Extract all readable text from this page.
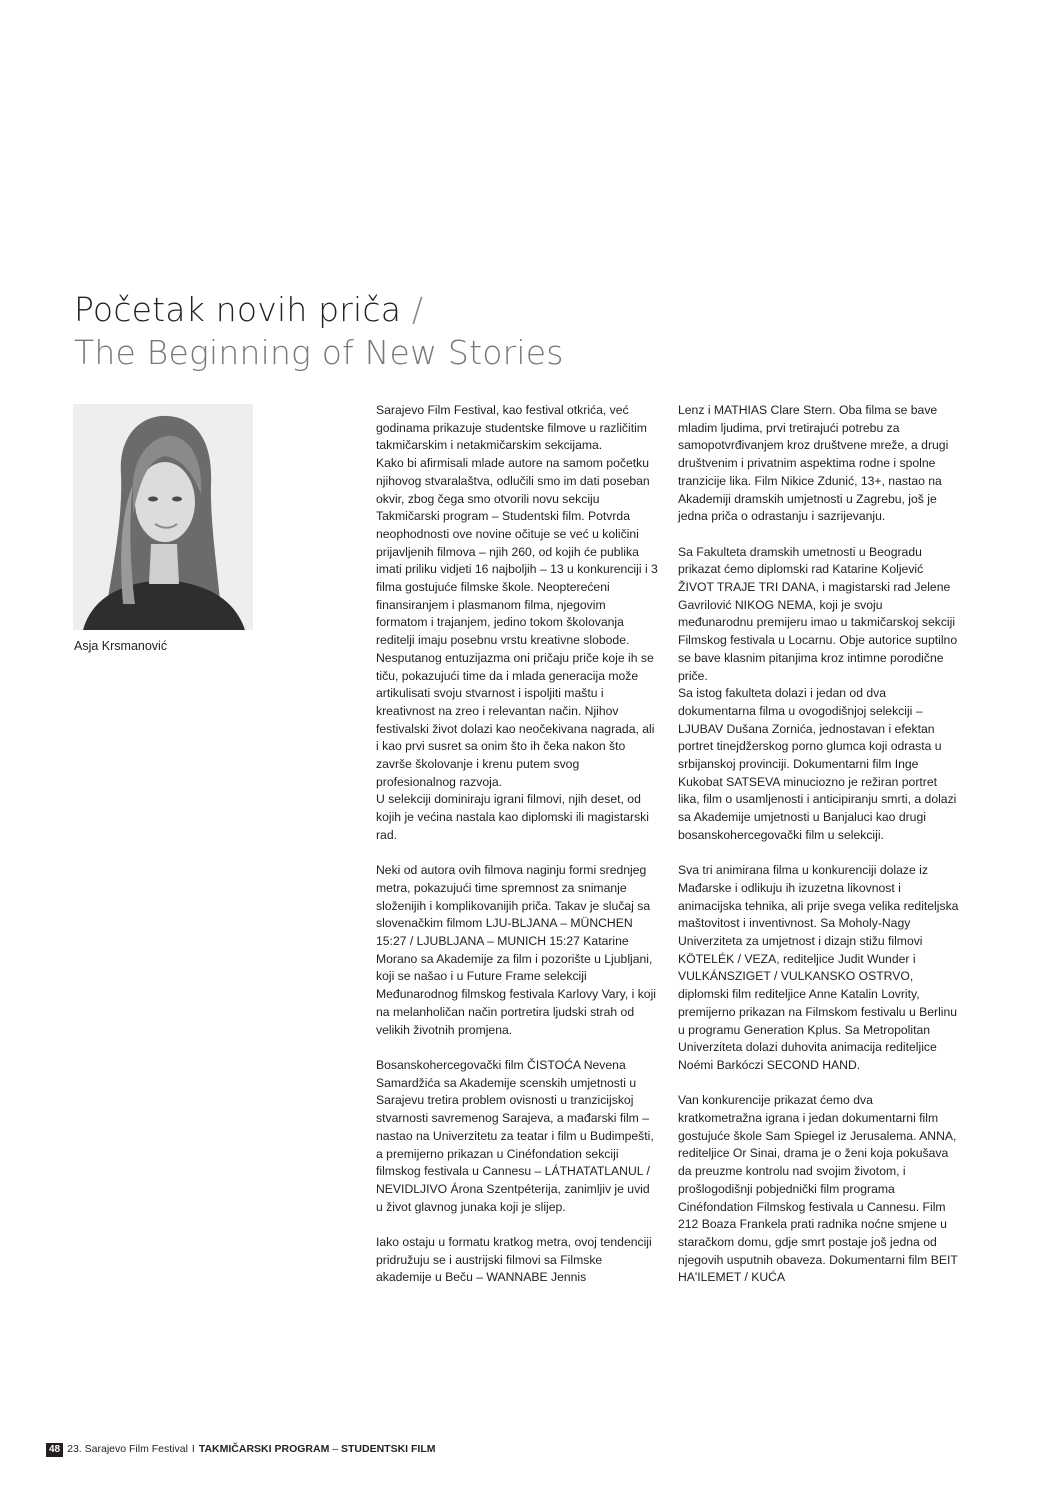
Početak novih priča /
The Beginning of New Stories
Asja Krsmanović

Sarajevo Film Festival, kao festival otkrića, već godinama prikazuje studentske filmove u različitim takmičarskim i netakmičarskim sekcijama.
Kako bi afirmisali mlade autore na samom početku njihovog stvaralaštva, odlučili smo im dati poseban okvir, zbog čega smo otvorili novu sekciju Takmičarski program – Studentski film. Potvrda neophodnosti ove novine očituje se već u količini prijavljenih filmova – njih 260, od kojih će publika imati priliku vidjeti 16 najboljih – 13 u konkurenciji i 3 filma gostujuće filmske škole. Neopterećeni finansiranjem i plasmanom filma, njegovim formatom i trajanjem, jedino tokom školovanja reditelji imaju posebnu vrstu kreativne slobode. Nesputanog entuzijazma oni pričaju priče koje ih se tiču, pokazujući time da i mlada generacija može artikulisati svoju stvarnost i ispoljiti maštu i kreativnost na zreo i relevantan način. Njihov festivalski život dolazi kao neočekivana nagrada, ali i kao prvi susret sa onim što ih čeka nakon što završe školovanje i krenu putem svog profesionalnog razvoja.
U selekciji dominiraju igrani filmovi, njih deset, od kojih je većina nastala kao diplomski ili magistarski rad.

Neki od autora ovih filmova naginju formi srednjeg metra, pokazujući time spremnost za snimanje složenijih i komplikovanijih priča. Takav je slučaj sa slovenačkim filmom LJU-BLJANA – MÜNCHEN 15:27 / LJUBLJANA – MUNICH 15:27 Katarine Morano sa Akademije za film i pozorište u Ljubljani, koji se našao i u Future Frame selekciji Međunarodnog filmskog festivala Karlovy Vary, i koji na melanholičan način portretira ljudski strah od velikih životnih promjena.

Bosanskohercegovački film ČISTOĆA Nevena Samardžića sa Akademije scenskih umjetnosti u Sarajevu tretira problem ovisnosti u tranzicijskoj stvarnosti savremenog Sarajeva, a mađarski film – nastao na Univerzitetu za teatar i film u Budimpešti, a premijerno prikazan u Cinéfondation sekciji filmskog festivala u Cannesu – LÁTHATATLANUL / NEVIDLJIVO Árona Szentpéterija, zanimljiv je uvid u život glavnog junaka koji je slijep.

Iako ostaju u formatu kratkog metra, ovoj tendenciji pridružuju se i austrijski filmovi sa Filmske akademije u Beču – WANNABE Jennis

Lenz i MATHIAS Clare Stern. Oba filma se bave mladim ljudima, prvi tretirajući potrebu za samopotvrđivanjem kroz društvene mreže, a drugi društvenim i privatnim aspektima rodne i spolne tranzicije lika. Film Nikice Zdunić, 13+, nastao na Akademiji dramskih umjetnosti u Zagrebu, još je jedna priča o odrastanju i sazrijevanju.

Sa Fakulteta dramskih umetnosti u Beogradu prikazat ćemo diplomski rad Katarine Koljević ŽIVOT TRAJE TRI DANA, i magistarski rad Jelene Gavrilović NIKOG NEMA, koji je svoju međunarodnu premijeru imao u takmičarskoj sekciji Filmskog festivala u Locarnu. Obje autorice suptilno se bave klasnim pitanjima kroz intimne porodične priče.
Sa istog fakulteta dolazi i jedan od dva dokumentarna filma u ovogodišnjoj selekciji – LJUBAV Dušana Zornića, jednostavan i efektan portret tinejdžerskog porno glumca koji odrasta u srbijanskoj provinciji. Dokumentarni film Inge Kukobat SATSEVA minuciozno je režiran portret lika, film o usamljenosti i anticipiranju smrti, a dolazi sa Akademije umjetnosti u Banjaluci kao drugi bosanskohercegovački film u selekciji.

Sva tri animirana filma u konkurenciji dolaze iz Mađarske i odlikuju ih izuzetna likovnost i animacijska tehnika, ali prije svega velika rediteljska maštovitost i inventivnost. Sa Moholy-Nagy Univerziteta za umjetnost i dizajn stižu filmovi KÖTELÉK / VEZA, rediteljice Judit Wunder i VULKÁNSZIGET / VULKANSKO OSTRVO, diplomski film rediteljice Anne Katalin Lovrity, premijerno prikazan na Filmskom festivalu u Berlinu u programu Generation Kplus. Sa Metropolitan Univerziteta dolazi duhovita animacija rediteljice Noémi Barkóczi SECOND HAND.

Van konkurencije prikazat ćemo dva kratkometražna igrana i jedan dokumentarni film gostujuće škole Sam Spiegel iz Jerusalema. ANNA, rediteljice Or Sinai, drama je o ženi koja pokušava da preuzme kontrolu nad svojim životom, i prošlogodišnji pobjednički film programa Cinéfondation Filmskog festivala u Cannesu. Film 212 Boaza Frankela prati radnika noćne smjene u staračkom domu, gdje smrt postaje još jedna od njegovih usputnih obaveza. Dokumentarni film BEIT HA'ILEMET / KUĆA

48 23. Sarajevo Film Festival I TAKMIČARSKI PROGRAM – STUDENTSKI FILM
